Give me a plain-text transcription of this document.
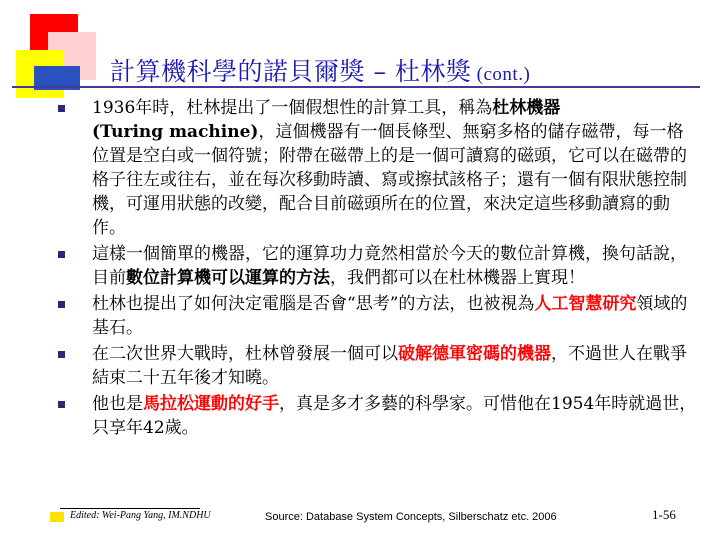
計算機科學的諾貝爾獎 – 杜林獎 (cont.)
1936年時，杜林提出了一個假想性的計算工具，稱為杜林機器
(Turing machine)，這個機器有一個長條型、無窮多格的儲存磁帶，每一格位置是空白或一個符號；附帶在磁帶上的是一個可讀寫的磁頭，它可以在磁帶的格子往左或往右，並在每次移動時讀、寫或擦拭該格子；還有一個有限狀態控制機，可運用狀態的改變，配合目前磁頭所在的位置，來決定這些移動讀寫的動作。
這樣一個簡單的機器，它的運算功力竟然相當於今天的數位計算機，換句話說，目前數位計算機可以運算的方法，我們都可以在杜林機器上實現！
杜林也提出了如何決定電腦是否會“思考”的方法，也被視為人工智慧研究領域的基石。
在二次世界大戰時，杜林曾發展一個可以破解德軍密碼的機器，不過世人在戰爭結束二十五年後才知曉。
他也是馬拉松運動的好手，真是多才多藝的科學家。可惜他在1954年時就過世，只享年42歲。
Edited: Wei-Pang Yang, IM.NDHU	Source: Database System Concepts, Silberschatz etc. 2006	1-56
